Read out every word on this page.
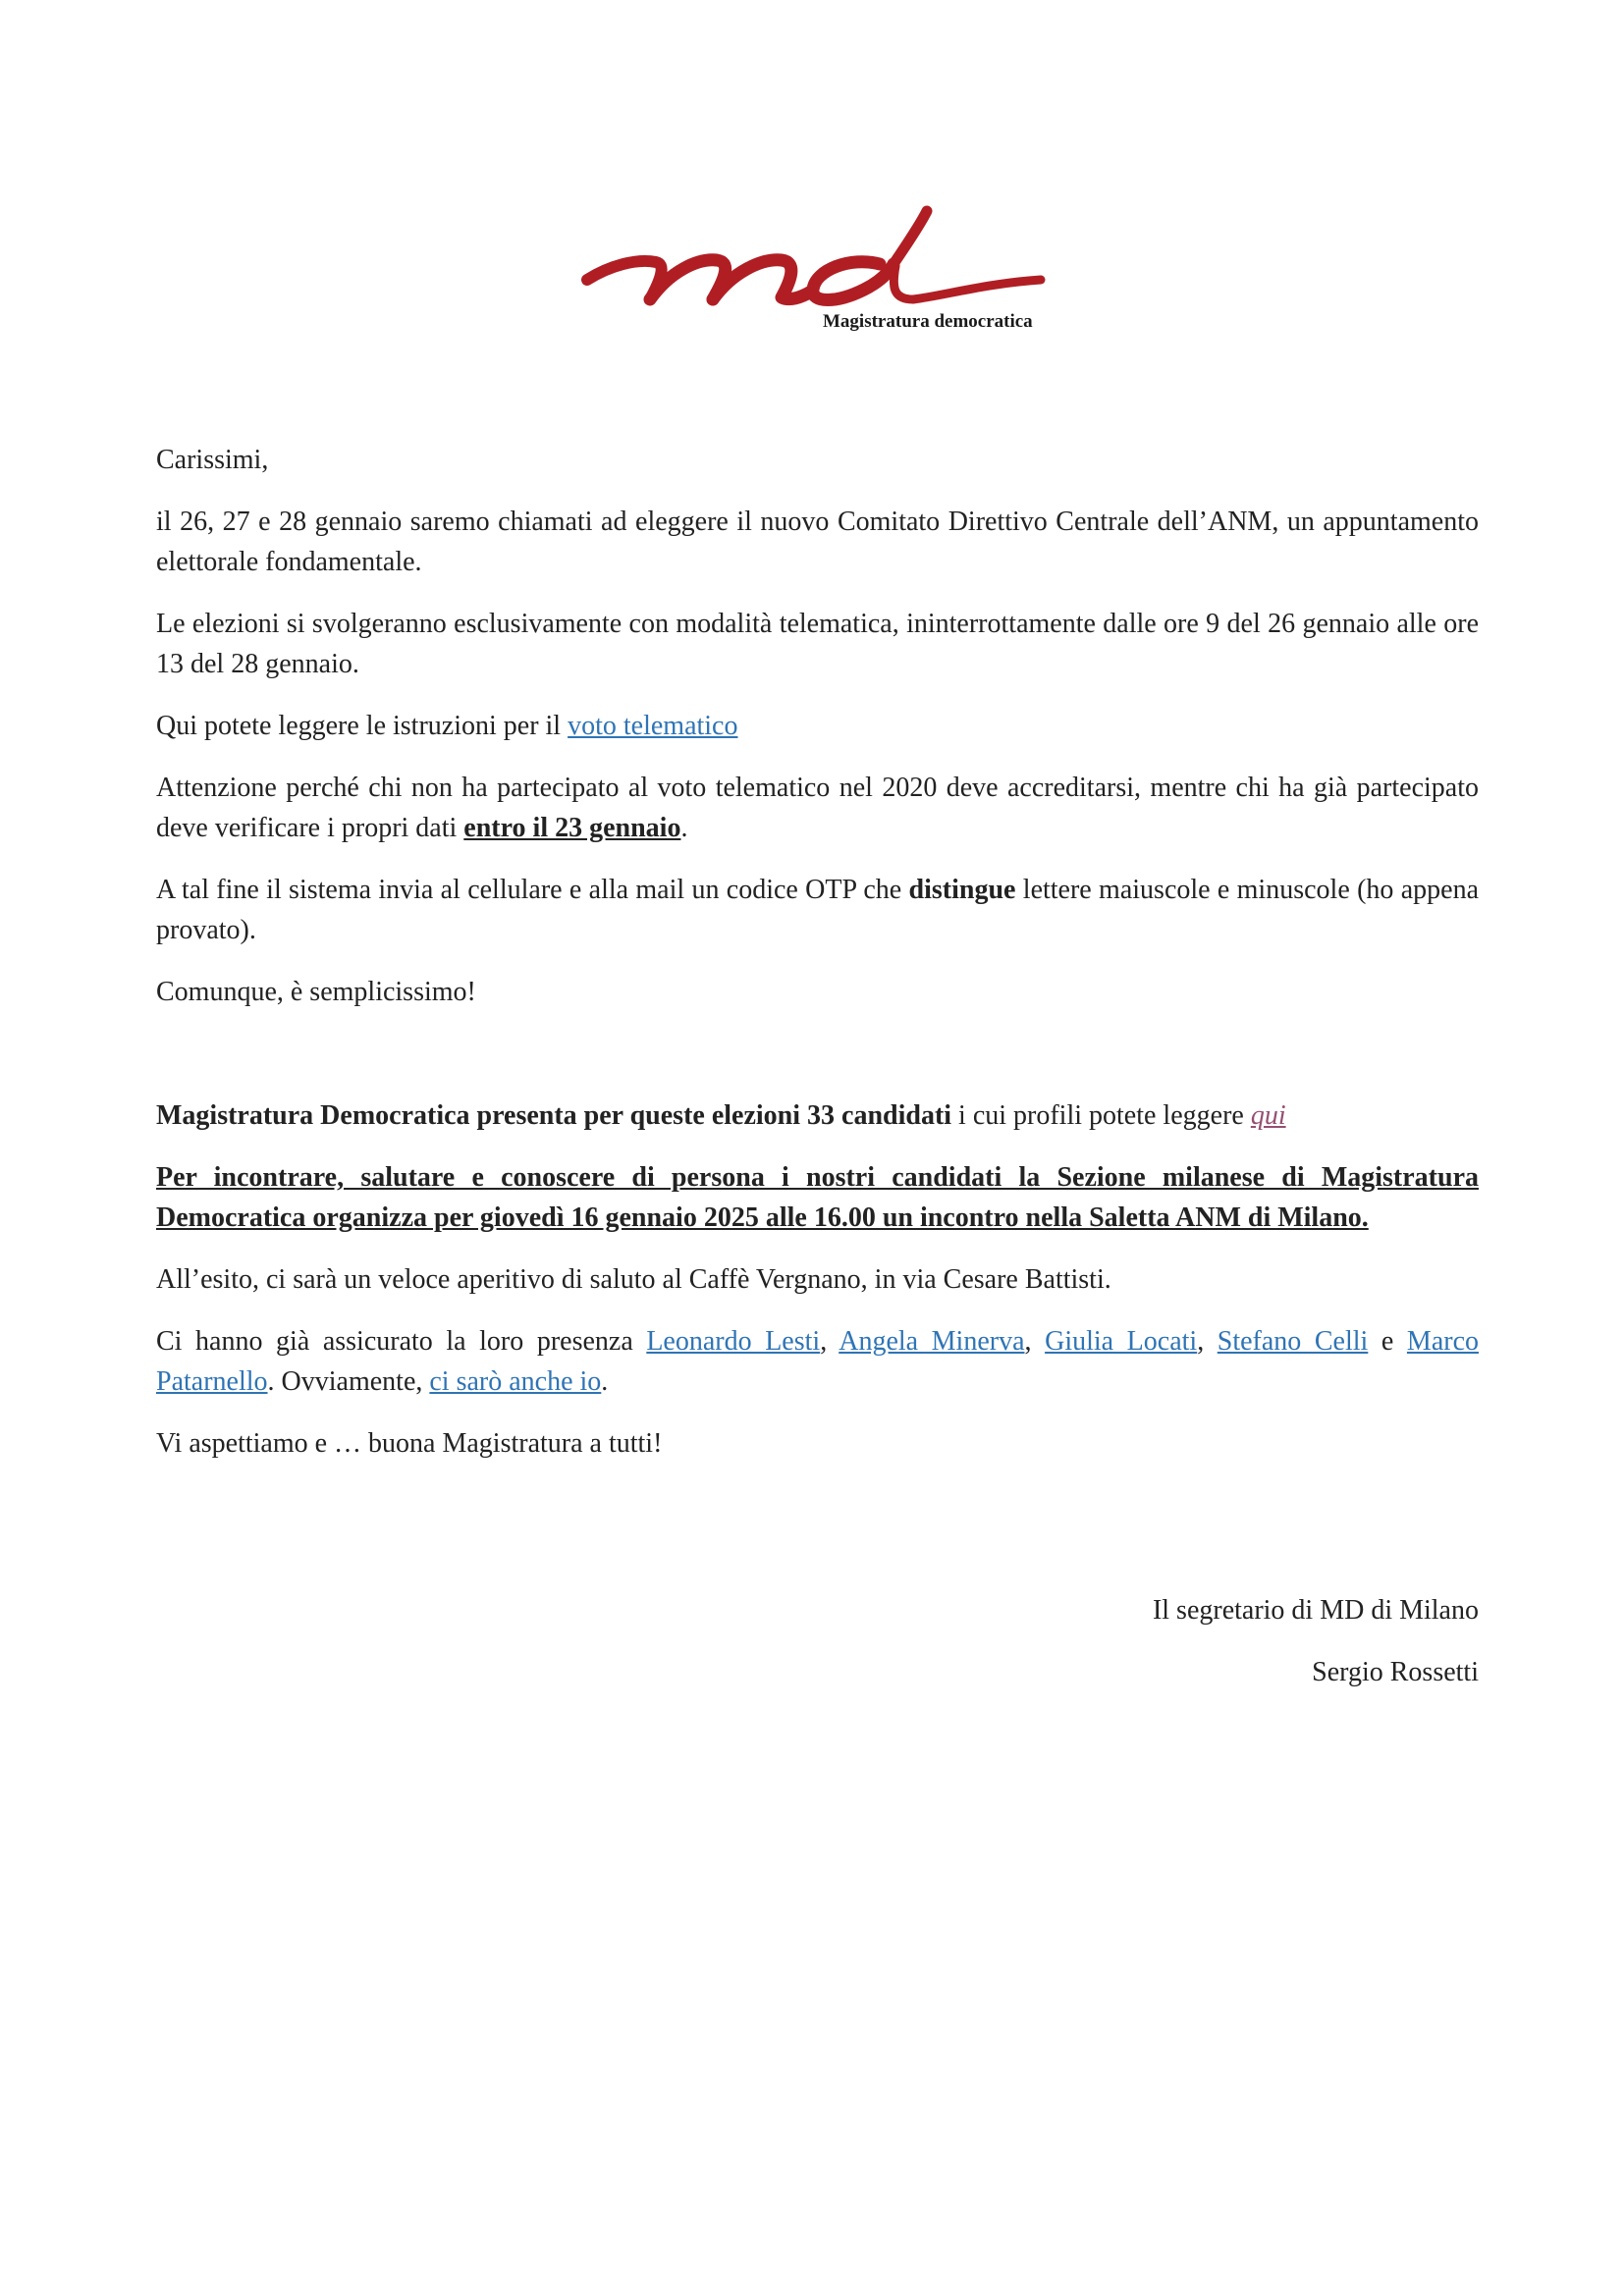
Magistratura democratica

Carissimi,

il 26, 27 e 28 gennaio saremo chiamati ad eleggere il nuovo Comitato Direttivo Centrale dell’ANM, un appuntamento elettorale fondamentale.

Le elezioni si svolgeranno esclusivamente con modalità telematica, ininterrottamente dalle ore 9 del 26 gennaio alle ore 13 del 28 gennaio.

Qui potete leggere le istruzioni per il voto telematico

Attenzione perché chi non ha partecipato al voto telematico nel 2020 deve accreditarsi, mentre chi ha già partecipato deve verificare i propri dati entro il 23 gennaio.

A tal fine il sistema invia al cellulare e alla mail un codice OTP che distingue lettere maiuscole e minuscole (ho appena provato).

Comunque, è semplicissimo!

Magistratura Democratica presenta per queste elezioni 33 candidati i cui profili potete leggere qui

Per incontrare, salutare e conoscere di persona i nostri candidati la Sezione milanese di Magistratura Democratica organizza per giovedì 16 gennaio 2025 alle 16.00 un incontro nella Saletta ANM di Milano.

All’esito, ci sarà un veloce aperitivo di saluto al Caffè Vergnano, in via Cesare Battisti.

Ci hanno già assicurato la loro presenza Leonardo Lesti, Angela Minerva, Giulia Locati, Stefano Celli e Marco Patarnello. Ovviamente, ci sarò anche io.

Vi aspettiamo e … buona Magistratura a tutti!

Il segretario di MD di Milano
Sergio Rossetti
